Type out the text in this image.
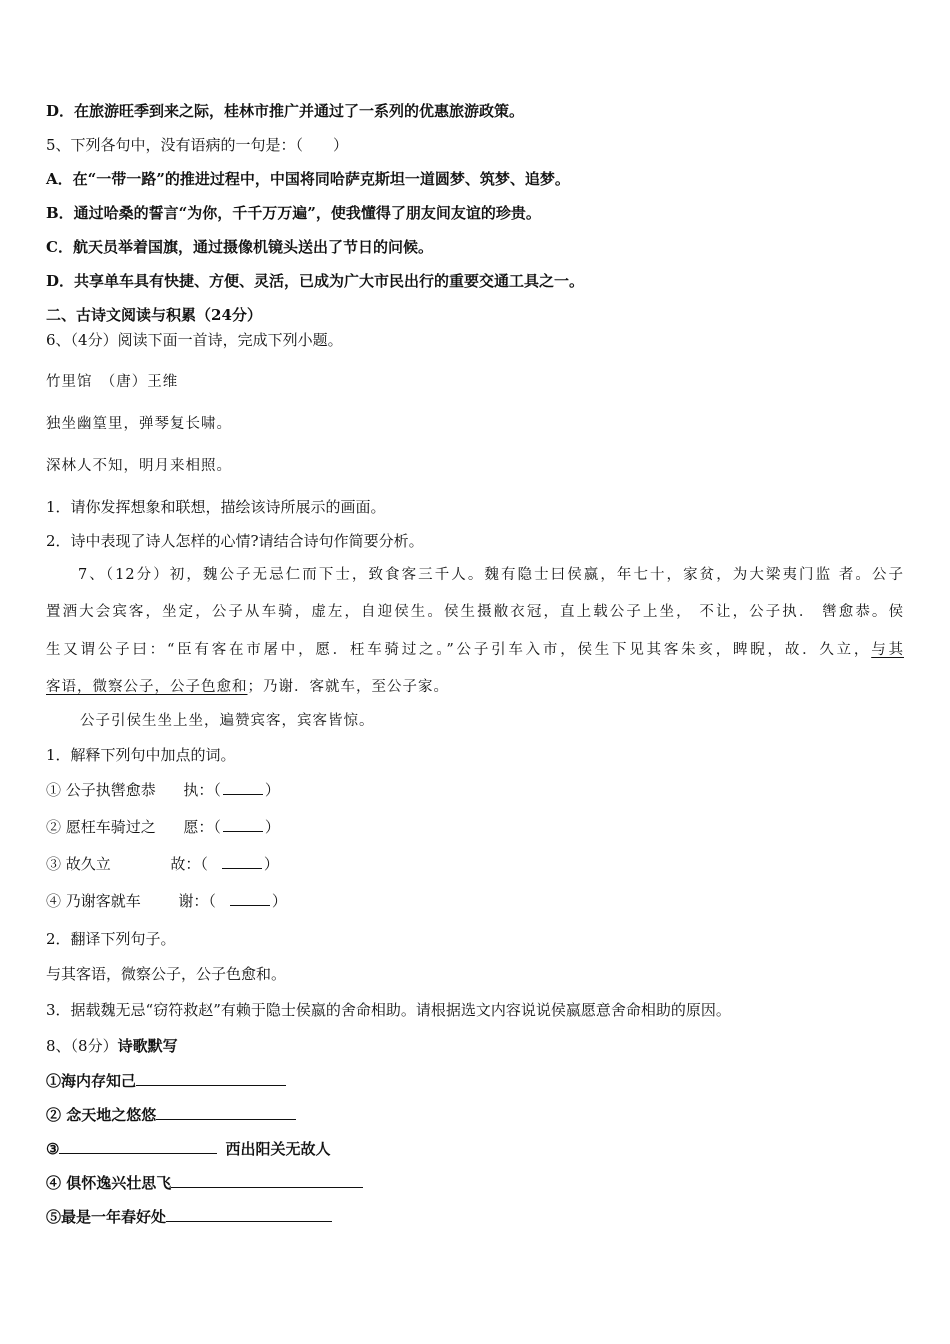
D．在旅游旺季到来之际，桂林市推广并通过了一系列的优惠旅游政策。
5、下列各句中，没有语病的一句是：（　　）
A．在“一带一路”的推进过程中，中国将同哈萨克斯坦一道圆梦、筑梦、追梦。
B．通过哈桑的誓言“为你，千千万万遍”，使我懂得了朋友间友谊的珍贵。
C．航天员举着国旗，通过摄像机镜头送出了节日的问候。
D．共享单车具有快捷、方便、灵活，已成为广大市民出行的重要交通工具之一。
二、古诗文阅读与积累（24分）
6、（4分）阅读下面一首诗，完成下列小题。
竹里馆　（唐）王维
独坐幽篁里，弹琴复长啸。
深林人不知，明月来相照。
1．请你发挥想象和联想，描绘该诗所展示的画面。
2．诗中表现了诗人怎样的心情?请结合诗句作简要分析。
7、（12分）初，魏公子无忌仁而下士，致食客三千人。魏有隐士曰侯嬴，年七十，家贫，为大梁夷门监 者。公子
置酒大会宾客，坐定，公子从车骑，虚左，自迎侯生。侯生摄敝衣冠，直上载公子上坐， 不让，公子执． 辔愈恭。侯
生又谓公子曰：“臣有客在市屠中，愿．枉车骑过之。”公子引车入市，侯生下见其客朱亥，睥睨，故．久立，与其
客语，微察公子，公子色愈和；乃谢．客就车，至公子家。
公子引侯生坐上坐，遍赞宾客，宾客皆惊。
1．解释下列句中加点的词。
① 公子执辔愈恭 执：（	）
② 愿枉车骑过之 愿：（	）
③ 故久立	故：（	）
④ 乃谢客就车	谢：（	）
2．翻译下列句子。
与其客语，微察公子，公子色愈和。
3．据载魏无忌“窃符救赵”有赖于隐士侯嬴的舍命相助。请根据选文内容说说侯嬴愿意舍命相助的原因。
8、（8分）诗歌默写
①海内存知己
② 念天地之悠悠
③	西出阳关无故人
④ 俱怀逸兴壮思飞
⑤最是一年春好处
